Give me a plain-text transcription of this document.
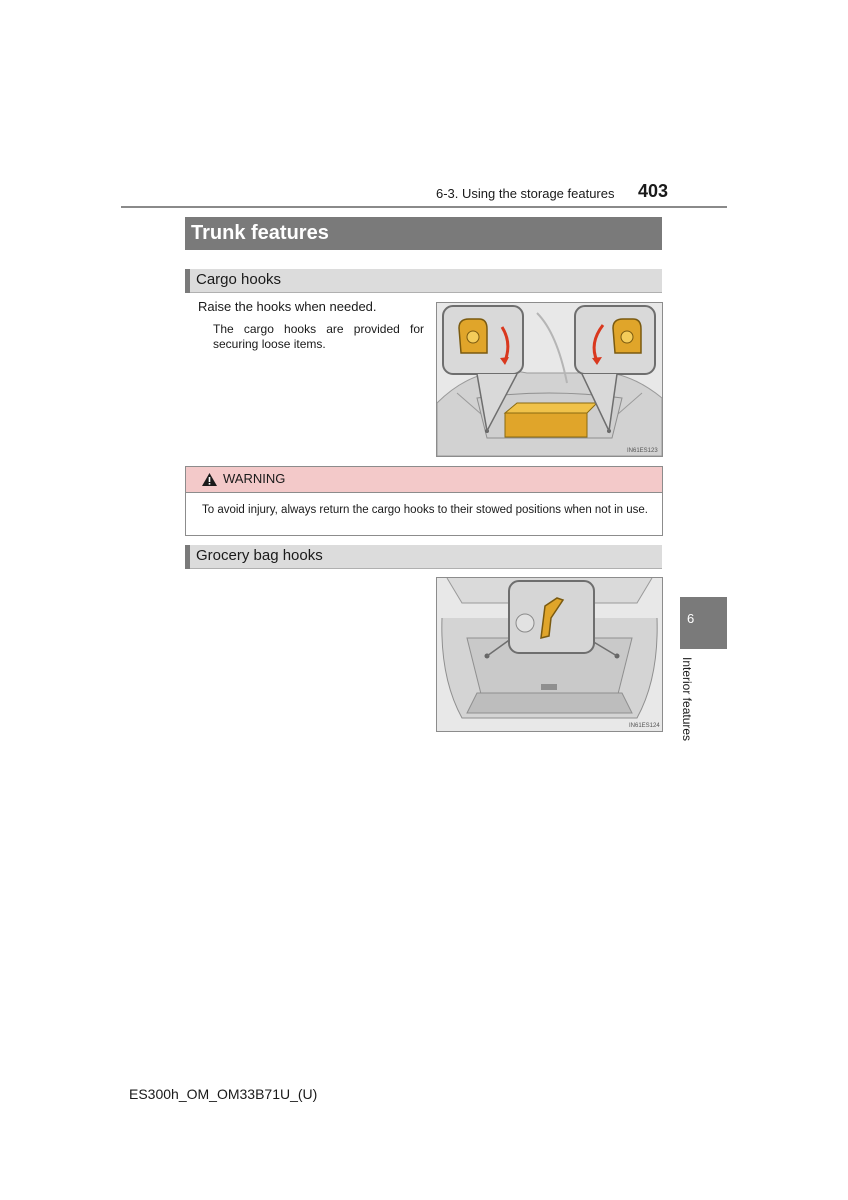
6-3. Using the storage features 403
Trunk features
Cargo hooks
Raise the hooks when needed.
The cargo hooks are provided for securing loose items.
IN61ES123
WARNING
To avoid injury, always return the cargo hooks to their stowed positions when not in use.
Grocery bag hooks
IN61ES124
6
Interior features
ES300h_OM_OM33B71U_(U)
